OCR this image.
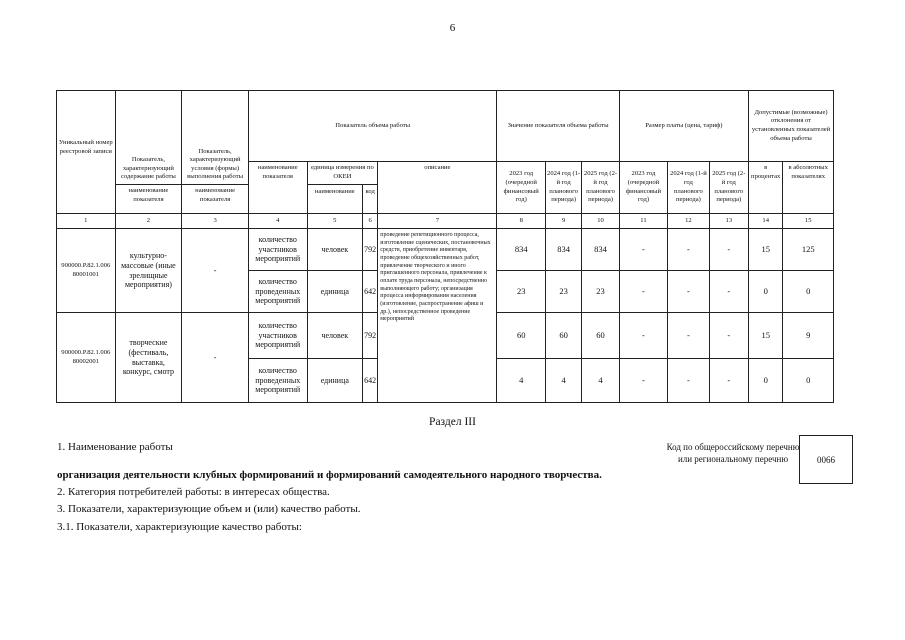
6
Уникальный номер реестровой записи	Показатель, характеризующий содержание работы	Показатель, характеризующий условия (формы) выполнения работы	Показатель объема работы				Значение показателя объема работы			Размер платы (цена, тариф)			Допустимые (возможные) отклонения от установленных показателей объема работы	
			наименование показателя	единица измерения по ОКЕИ		описание	2023 год (очередной финансовый год)	2024 год (1-й год планового периода)	2025 год (2-й год планового периода)	2023 год (очередной финансовый год)	2024 год (1-й год планового периода)	2025 год (2-й год планового периода)	в процентах	в абсолютных показателях
	наименование показателя	наименование показателя		наименование	код									
1	2	3	4	5	6	7	8	9	10	11	12	13	14	15
900000.Р.82.1.006 80001001	культурно-массовые (иные зрелищные мероприятия)	-	количество участников мероприятий	человек	792	проведение репетиционного процесса, изготовление сценических, постановочных средств, приобретение инвентаря, проведение общехозяйственных работ, привлечение творческого и иного приглашенного персонала, привлечение к оплате труда персонала, непосредственно выполняющего работу; организация процесса информирования населения (изготовление, распространение афиш и др.), непосредственное проведение мероприятий	834	834	834	-	-	-	15	125
			количество проведенных мероприятий	единица	642		23	23	23	-	-	-	0	0
900000.Р.82.1.006 80002001	творческие (фестиваль, выставка, конкурс, смотр	-	количество участников мероприятий	человек	792		60	60	60	-	-	-	15	9
			количество проведенных мероприятий	единица	642		4	4	4	-	-	-	0	0
Раздел III
1. Наименование работы
организация деятельности клубных формирований и формирований самодеятельного народного творчества.
2. Категория потребителей работы: в интересах общества.
3. Показатели, характеризующие объем и (или) качество работы.
3.1. Показатели, характеризующие качество работы:
Код по общероссийскому перечню или региональному перечню	0066
